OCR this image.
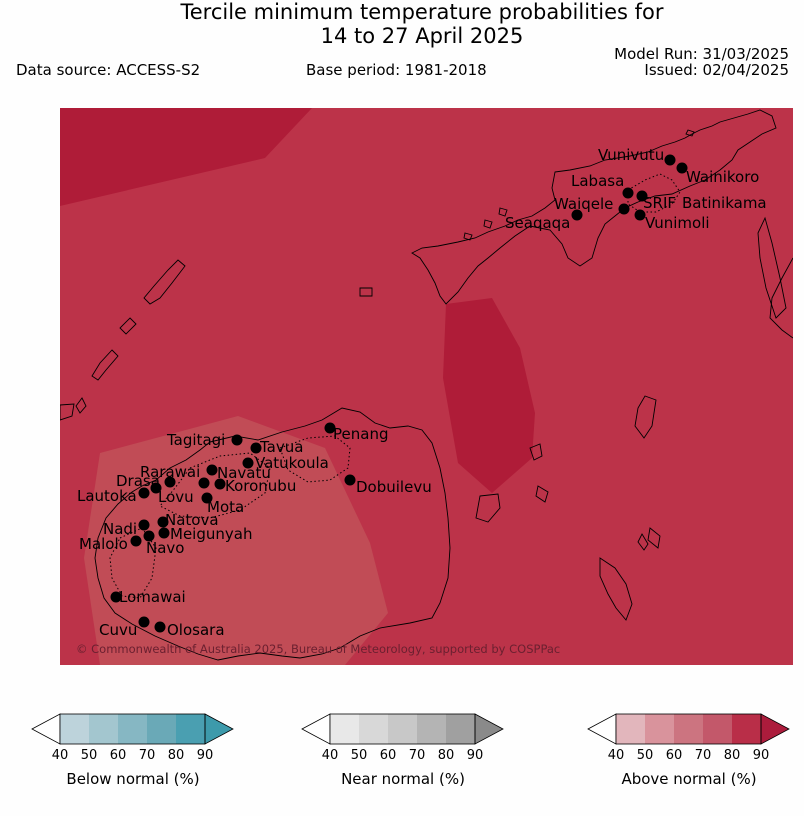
Tercile minimum temperature probabilities for
14 to 27 April 2025
Data source: ACCESS-S2	Base period: 1981-2018
Model Run: 31/03/2025
Issued: 02/04/2025
Vunivutu
Wainikoro
Labasa
Waiqele SRIF Batinikama
Seaqaqa	Vunimoli
Tagitagi Tavua
Penang
Vatukoula
Rarawai Navatu
Drasa	Koronubu	Dobuilevu
Lautoka Lovu
Mota
Natova
Nadi Meigunyah
Malolo Navo
Lomawai
Cuvu Olosara
© Commonwealth of Australia 2025, Bureau of Meteorology, supported by COSPPac
40 50 60 70 80 90	40 50 60 70 80 90	40 50 60 70 80 90
Below normal (%)	Near normal (%)	Above normal (%)
